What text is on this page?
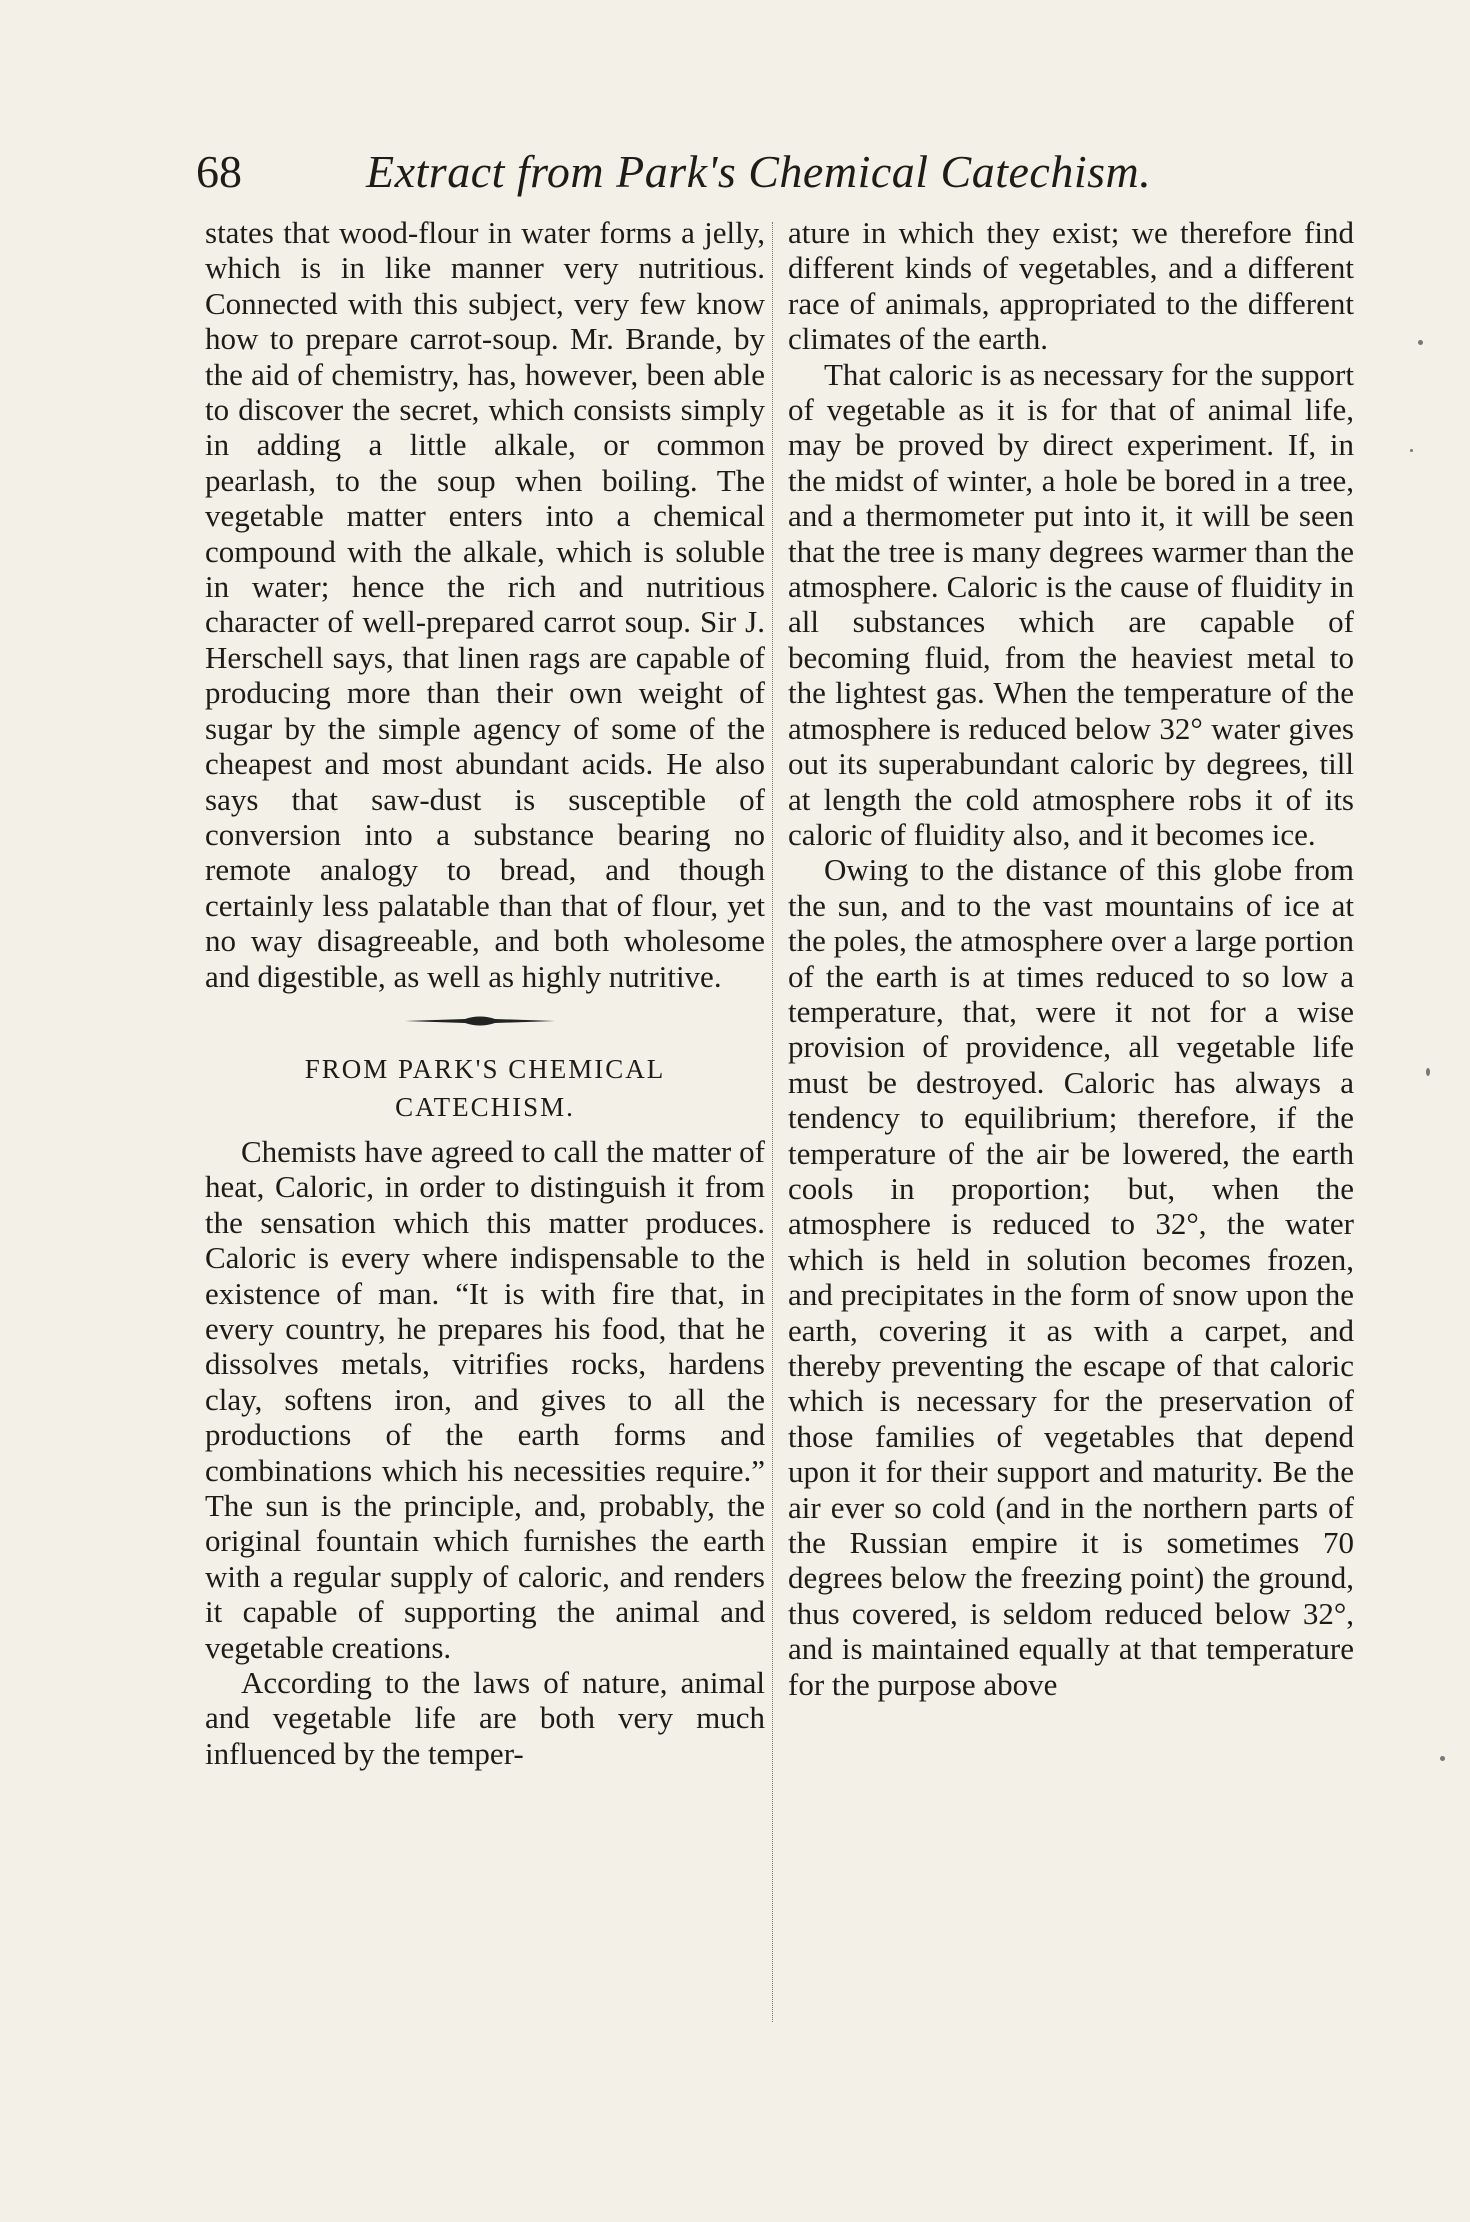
68	Extract from Park's Chemical Catechism.

states that wood-flour in water forms a jelly, which is in like manner very nutritious. Connected with this subject, very few know how to prepare carrot-soup. Mr. Brande, by the aid of chemistry, has, however, been able to discover the secret, which consists simply in adding a little alkale, or common pearlash, to the soup when boiling. The vegetable matter enters into a chemical compound with the alkale, which is soluble in water; hence the rich and nutritious character of well-prepared carrot soup. Sir J. Herschell says, that linen rags are capable of producing more than their own weight of sugar by the simple agency of some of the cheapest and most abundant acids. He also says that saw-dust is susceptible of conversion into a substance bearing no remote analogy to bread, and though certainly less palatable than that of flour, yet no way disagreeable, and both wholesome and digestible, as well as highly nutritive.

FROM PARK'S CHEMICAL
CATECHISM.

Chemists have agreed to call the matter of heat, Caloric, in order to distinguish it from the sensation which this matter produces. Caloric is every where indispensable to the existence of man. “It is with fire that, in every country, he prepares his food, that he dissolves metals, vitrifies rocks, hardens clay, softens iron, and gives to all the productions of the earth forms and combinations which his necessities require.” The sun is the principle, and, probably, the original fountain which furnishes the earth with a regular supply of caloric, and renders it capable of supporting the animal and vegetable creations.

According to the laws of nature, animal and vegetable life are both very much influenced by the temper-

ature in which they exist; we therefore find different kinds of vegetables, and a different race of animals, appropriated to the different climates of the earth.

That caloric is as necessary for the support of vegetable as it is for that of animal life, may be proved by direct experiment. If, in the midst of winter, a hole be bored in a tree, and a thermometer put into it, it will be seen that the tree is many degrees warmer than the atmosphere. Caloric is the cause of fluidity in all substances which are capable of becoming fluid, from the heaviest metal to the lightest gas. When the temperature of the atmosphere is reduced below 32° water gives out its superabundant caloric by degrees, till at length the cold atmosphere robs it of its caloric of fluidity also, and it becomes ice.

Owing to the distance of this globe from the sun, and to the vast mountains of ice at the poles, the atmosphere over a large portion of the earth is at times reduced to so low a temperature, that, were it not for a wise provision of providence, all vegetable life must be destroyed. Caloric has always a tendency to equilibrium; therefore, if the temperature of the air be lowered, the earth cools in proportion; but, when the atmosphere is reduced to 32°, the water which is held in solution becomes frozen, and precipitates in the form of snow upon the earth, covering it as with a carpet, and thereby preventing the escape of that caloric which is necessary for the preservation of those families of vegetables that depend upon it for their support and maturity. Be the air ever so cold (and in the northern parts of the Russian empire it is sometimes 70 degrees below the freezing point) the ground, thus covered, is seldom reduced below 32°, and is maintained equally at that temperature for the purpose above
